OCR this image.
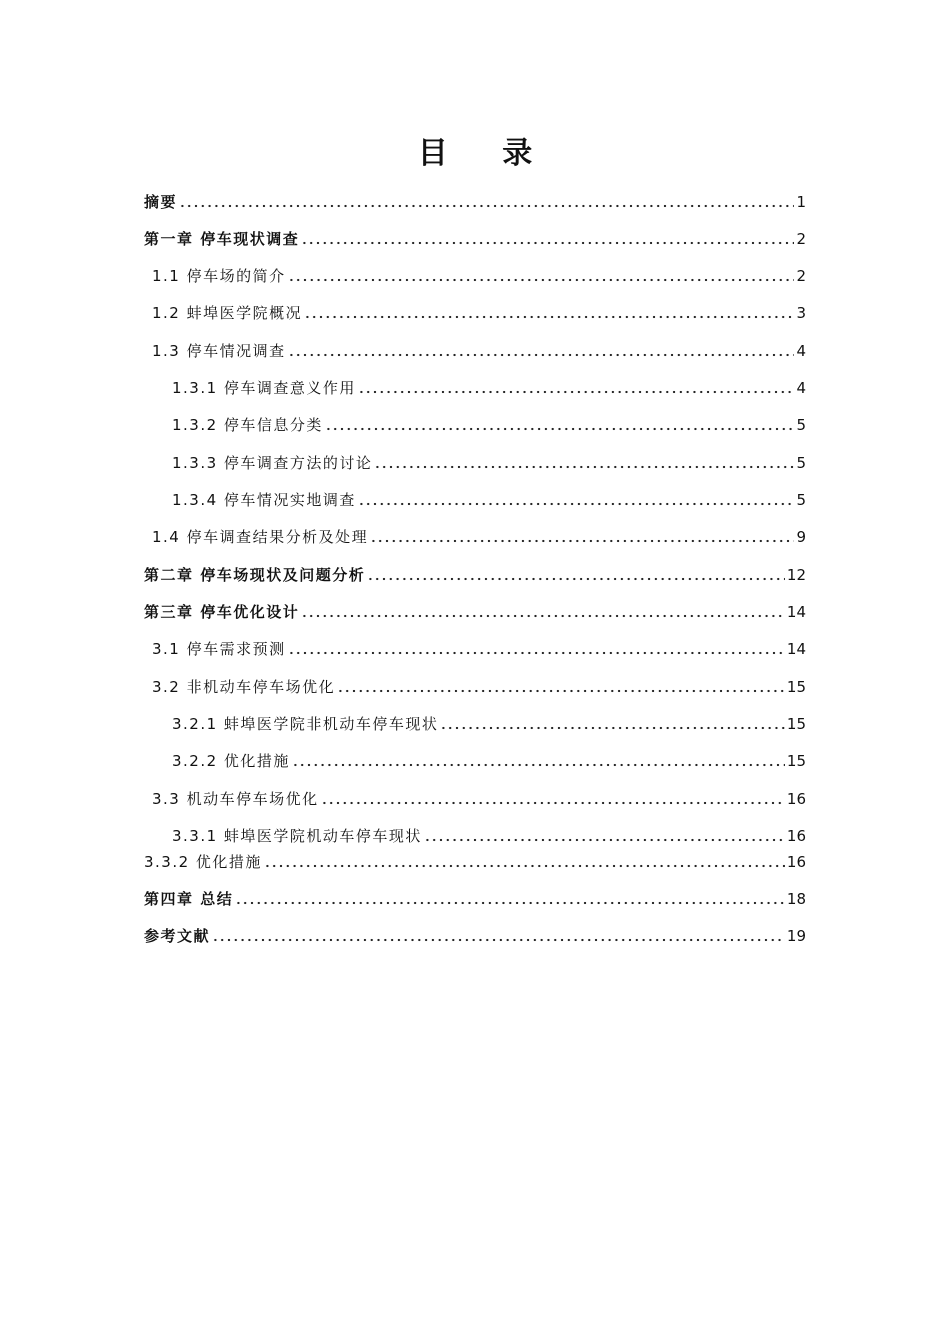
目 录
摘要	1
第一章 停车现状调查	2
1.1 停车场的简介	2
1.2 蚌埠医学院概况	3
1.3 停车情况调查	4
1.3.1 停车调查意义作用	4
1.3.2 停车信息分类	5
1.3.3 停车调查方法的讨论	5
1.3.4 停车情况实地调查	5
1.4 停车调查结果分析及处理	9
第二章 停车场现状及问题分析	12
第三章 停车优化设计	14
3.1 停车需求预测	14
3.2 非机动车停车场优化	15
3.2.1 蚌埠医学院非机动车停车现状	15
3.2.2 优化措施	15
3.3 机动车停车场优化	16
3.3.1 蚌埠医学院机动车停车现状	16
3.3.2 优化措施	16
第四章 总结	18
参考文献	19
